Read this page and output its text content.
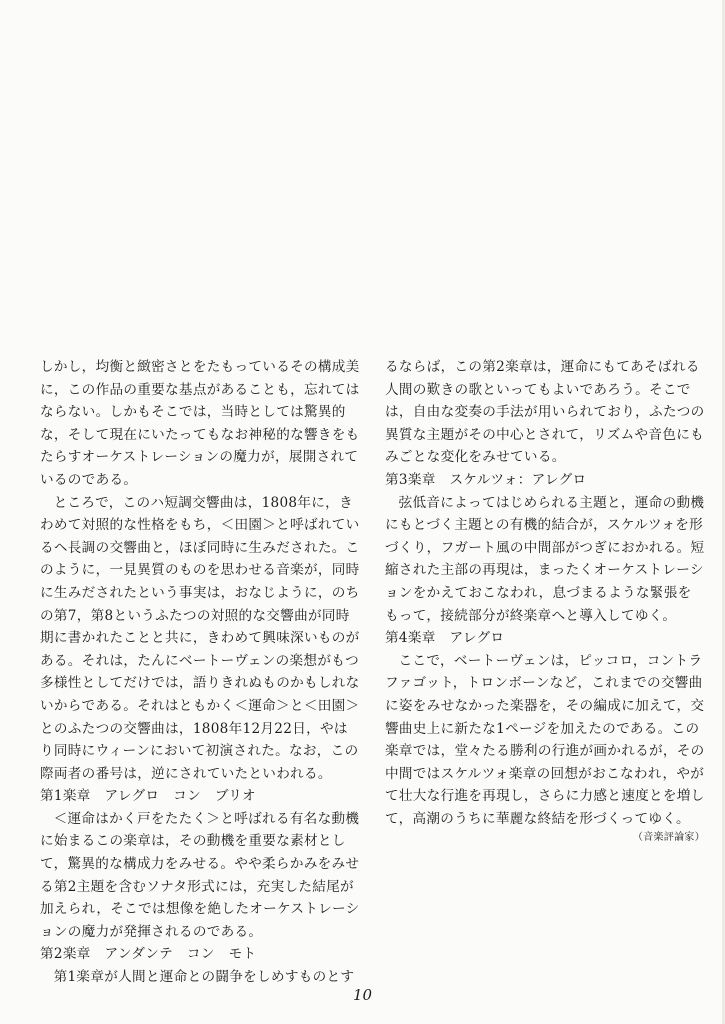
しかし，均衡と緻密さとをたもっているその構成美に，この作品の重要な基点があることも，忘れてはならない。しかもそこでは，当時としては驚異的な，そして現在にいたってもなお神秘的な響きをもたらすオーケストレーションの魔力が，展開されているのである。

ところで，このハ短調交響曲は，1808年に，きわめて対照的な性格をもち，＜田園＞と呼ばれているヘ長調の交響曲と，ほぼ同時に生みだされた。このように，一見異質のものを思わせる音楽が，同時に生みだされたという事実は，おなじように，のちの第7，第8というふたつの対照的な交響曲が同時期に書かれたことと共に，きわめて興味深いものがある。それは，たんにベートーヴェンの楽想がもつ多様性としてだけでは，語りきれぬものかもしれないからである。それはともかく＜運命＞と＜田園＞とのふたつの交響曲は，1808年12月22日，やはり同時にウィーンにおいて初演された。なお，この際両者の番号は，逆にされていたといわれる。

第1楽章　アレグロ　コン　ブリオ

＜運命はかく戸をたたく＞と呼ばれる有名な動機に始まるこの楽章は，その動機を重要な素材として，驚異的な構成力をみせる。やや柔らかみをみせる第2主題を含むソナタ形式には，充実した結尾が加えられ，そこでは想像を絶したオーケストレーションの魔力が発揮されるのである。

第2楽章　アンダンテ　コン　モト

第1楽章が人間と運命との闘争をしめすものとす

るならば，この第2楽章は，運命にもてあそばれる人間の歎きの歌といってもよいであろう。そこでは，自由な変奏の手法が用いられており，ふたつの異質な主題がその中心とされて，リズムや音色にもみごとな変化をみせている。

第3楽章　スケルツォ：アレグロ

弦低音によってはじめられる主題と，運命の動機にもとづく主題との有機的結合が，スケルツォを形づくり，フガート風の中間部がつぎにおかれる。短縮された主部の再現は，まったくオーケストレーションをかえておこなわれ，息づまるような緊張をもって，接続部分が終楽章へと導入してゆく。

第4楽章　アレグロ

ここで，ベートーヴェンは，ピッコロ，コントラファゴット，トロンボーンなど，これまでの交響曲に姿をみせなかった楽器を，その編成に加えて，交響曲史上に新たな1ページを加えたのである。この楽章では，堂々たる勝利の行進が画かれるが，その中間ではスケルツォ楽章の回想がおこなわれ，やがて壮大な行進を再現し，さらに力感と速度とを増して，高潮のうちに華麗な終結を形づくってゆく。

（音楽評論家）

10
